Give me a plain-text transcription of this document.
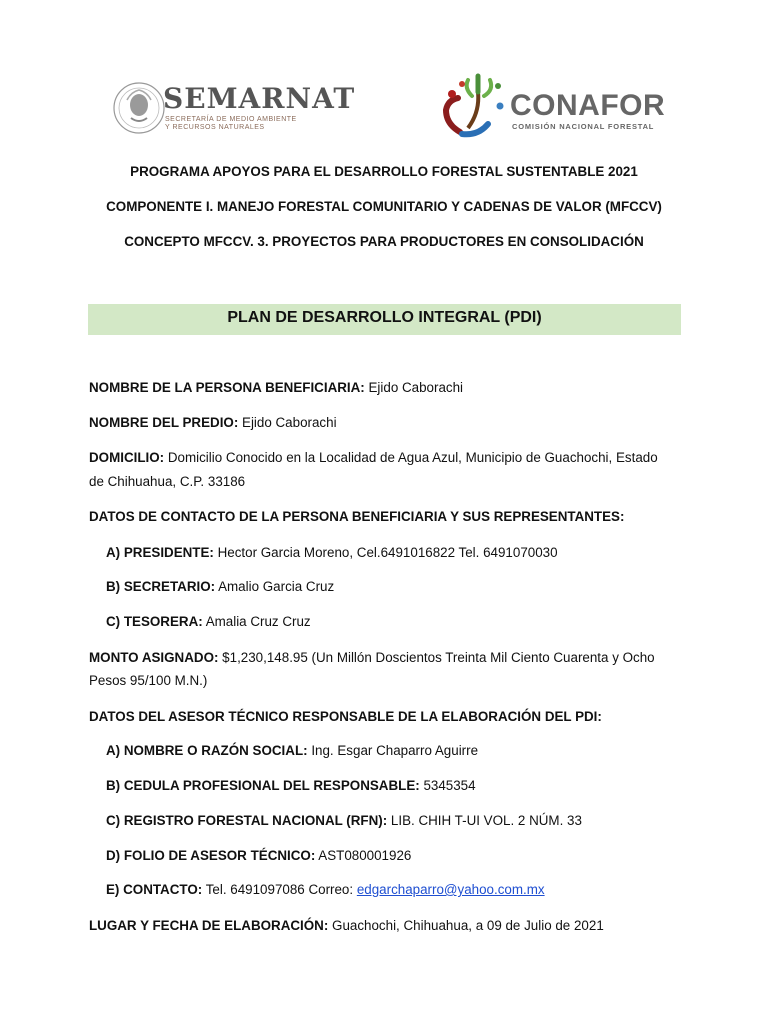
SEMARNAT
SECRETARÍA DE MEDIO AMBIENTE
Y RECURSOS NATURALES
CONAFOR
COMISIÓN NACIONAL FORESTAL
PROGRAMA APOYOS PARA EL DESARROLLO FORESTAL SUSTENTABLE 2021
COMPONENTE I. MANEJO FORESTAL COMUNITARIO Y CADENAS DE VALOR (MFCCV)
CONCEPTO MFCCV. 3. PROYECTOS PARA PRODUCTORES EN CONSOLIDACIÓN
PLAN DE DESARROLLO INTEGRAL (PDI)
NOMBRE DE LA PERSONA BENEFICIARIA: Ejido Caborachi
NOMBRE DEL PREDIO: Ejido Caborachi
DOMICILIO: Domicilio Conocido en la Localidad de Agua Azul, Municipio de Guachochi, Estado
de Chihuahua, C.P. 33186
DATOS DE CONTACTO DE LA PERSONA BENEFICIARIA Y SUS REPRESENTANTES:
A) PRESIDENTE: Hector Garcia Moreno, Cel.6491016822 Tel. 6491070030
B) SECRETARIO: Amalio Garcia Cruz
C) TESORERA: Amalia Cruz Cruz
MONTO ASIGNADO: $1,230,148.95 (Un Millón Doscientos Treinta Mil Ciento Cuarenta y Ocho
Pesos 95/100 M.N.)
DATOS DEL ASESOR TÉCNICO RESPONSABLE DE LA ELABORACIÓN DEL PDI:
A) NOMBRE O RAZÓN SOCIAL: Ing. Esgar Chaparro Aguirre
B) CEDULA PROFESIONAL DEL RESPONSABLE: 5345354
C) REGISTRO FORESTAL NACIONAL (RFN): LIB. CHIH T-UI VOL. 2 NÚM. 33
D) FOLIO DE ASESOR TÉCNICO: AST080001926
E) CONTACTO: Tel. 6491097086 Correo: edgarchaparro@yahoo.com.mx
LUGAR Y FECHA DE ELABORACIÓN: Guachochi, Chihuahua, a 09 de Julio de 2021
